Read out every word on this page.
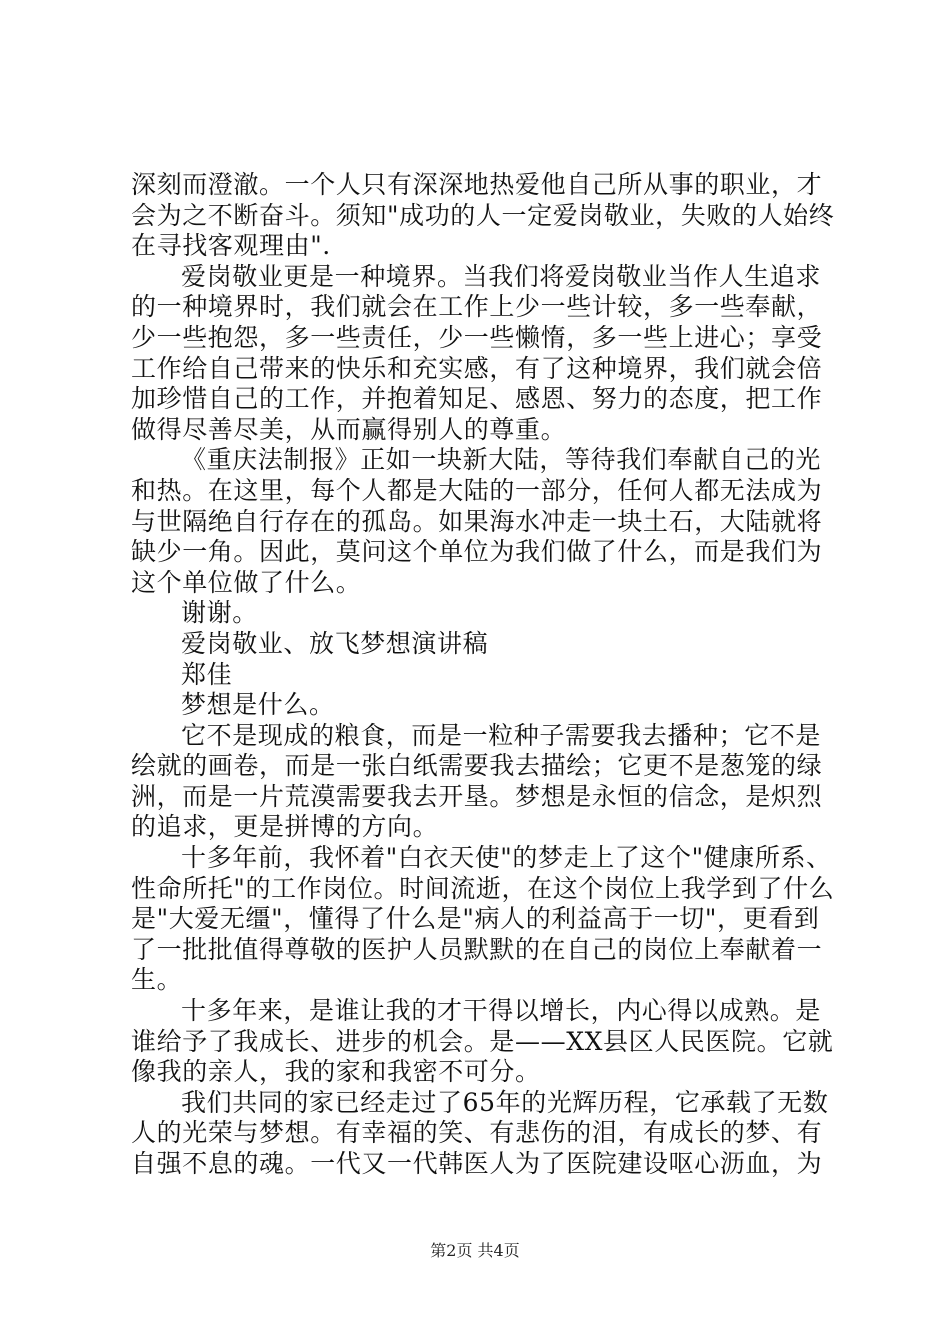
深刻而澄澈。一个人只有深深地热爱他自己所从事的职业，才
会为之不断奋斗。须知"成功的人一定爱岗敬业，失败的人始终
在寻找客观理由".
爱岗敬业更是一种境界。当我们将爱岗敬业当作人生追求
的一种境界时，我们就会在工作上少一些计较，多一些奉献，
少一些抱怨，多一些责任，少一些懒惰，多一些上进心；享受
工作给自己带来的快乐和充实感，有了这种境界，我们就会倍
加珍惜自己的工作，并抱着知足、感恩、努力的态度，把工作
做得尽善尽美，从而赢得别人的尊重。
《重庆法制报》正如一块新大陆，等待我们奉献自己的光
和热。在这里，每个人都是大陆的一部分，任何人都无法成为
与世隔绝自行存在的孤岛。如果海水冲走一块土石，大陆就将
缺少一角。因此，莫问这个单位为我们做了什么，而是我们为
这个单位做了什么。
谢谢。
爱岗敬业、放飞梦想演讲稿
郑佳
梦想是什么。
它不是现成的粮食，而是一粒种子需要我去播种；它不是
绘就的画卷，而是一张白纸需要我去描绘；它更不是葱笼的绿
洲，而是一片荒漠需要我去开垦。梦想是永恒的信念，是炽烈
的追求，更是拼博的方向。
十多年前，我怀着"白衣天使"的梦走上了这个"健康所系、
性命所托"的工作岗位。时间流逝，在这个岗位上我学到了什么
是"大爱无缰"，懂得了什么是"病人的利益高于一切"，更看到
了一批批值得尊敬的医护人员默默的在自己的岗位上奉献着一
生。
十多年来，是谁让我的才干得以增长，内心得以成熟。是
谁给予了我成长、进步的机会。是——XX县区人民医院。它就
像我的亲人，我的家和我密不可分。
我们共同的家已经走过了65年的光辉历程，它承载了无数
人的光荣与梦想。有幸福的笑、有悲伤的泪，有成长的梦、有
自强不息的魂。一代又一代韩医人为了医院建设呕心沥血，为
第2页 共4页
